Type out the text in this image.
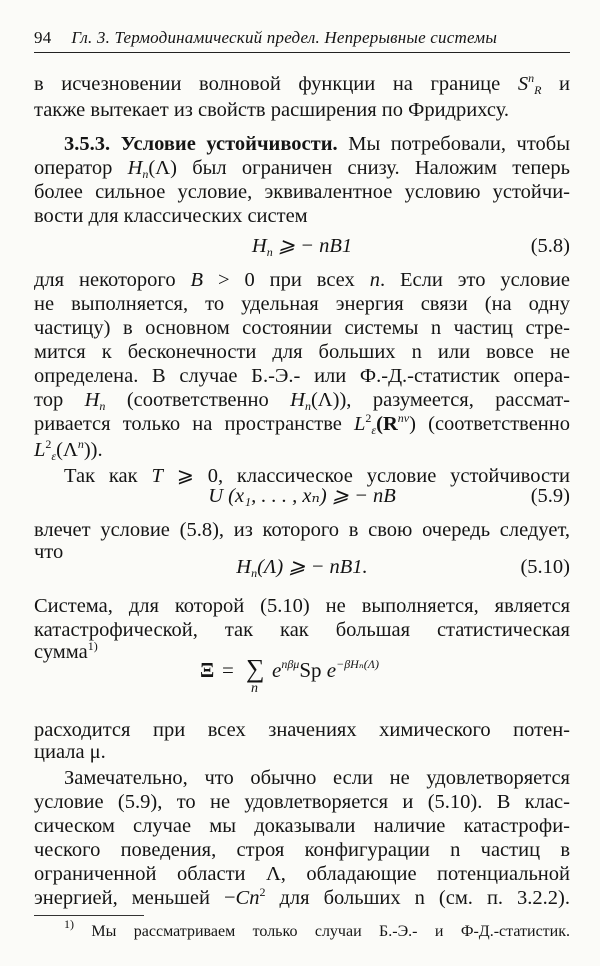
94 Гл. 3. Термодинамический предел. Непрерывные системы
в исчезновении волновой функции на границе $S^n_R$ и
также вытекает из свойств расширения по Фридрихсу.
3.5.3. Условие устойчивости. Мы потребовали, чтобы
оператор $H_n(\Lambda)$ был ограничен снизу. Наложим теперь
более сильное условие, эквивалентное условию устойчи-
вости для классических систем
$H_n$ ⩾ − nB1	(5.8)
для некоторого B > 0 при всех n. Если это условие
не выполняется, то удельная энергия связи (на одну
частицу) в основном состоянии системы n частиц стре-
мится к бесконечности для больших n или вовсе не
определена. В случае Б.-Э.- или Ф.-Д.-статистик опера-
тор $H_n$ (соответственно $H_n(\Lambda)$), разумеется, рассмат-
ривается только на пространстве $L^2_\varepsilon(R^{n\nu})$ (соответственно
$L^2_\varepsilon(\Lambda^n)$).
Так как T ⩾ 0, классическое условие устойчивости
U (x₁, . . . , xₙ) ⩾ − nB	(5.9)
влечет условие (5.8), из которого в свою очередь следует,
что
$H_n(\Lambda)$ ⩾ − nB1.	(5.10)
Система, для которой (5.10) не выполняется, является
катастрофической, так как большая статистическая
сумма$^{1)}$
Ξ = ∑
n
$e^{n\beta\mu}Sp$ $e^{-\beta H_n(\Lambda)}$
расходится при всех значениях химического потен-
циала μ.
Замечательно, что обычно если не удовлетворяется
условие (5.9), то не удовлетворяется и (5.10). В клас-
сическом случае мы доказывали наличие катастрофи-
ческого поведения, строя конфигурации n частиц в
ограниченной области Λ, обладающие потенциальной
энергией, меньшей $-Cn^2$ для больших n (см. п. 3.2.2).
$^{1)}$ Мы рассматриваем только случаи Б.-Э.- и Ф-Д.-статистик.
